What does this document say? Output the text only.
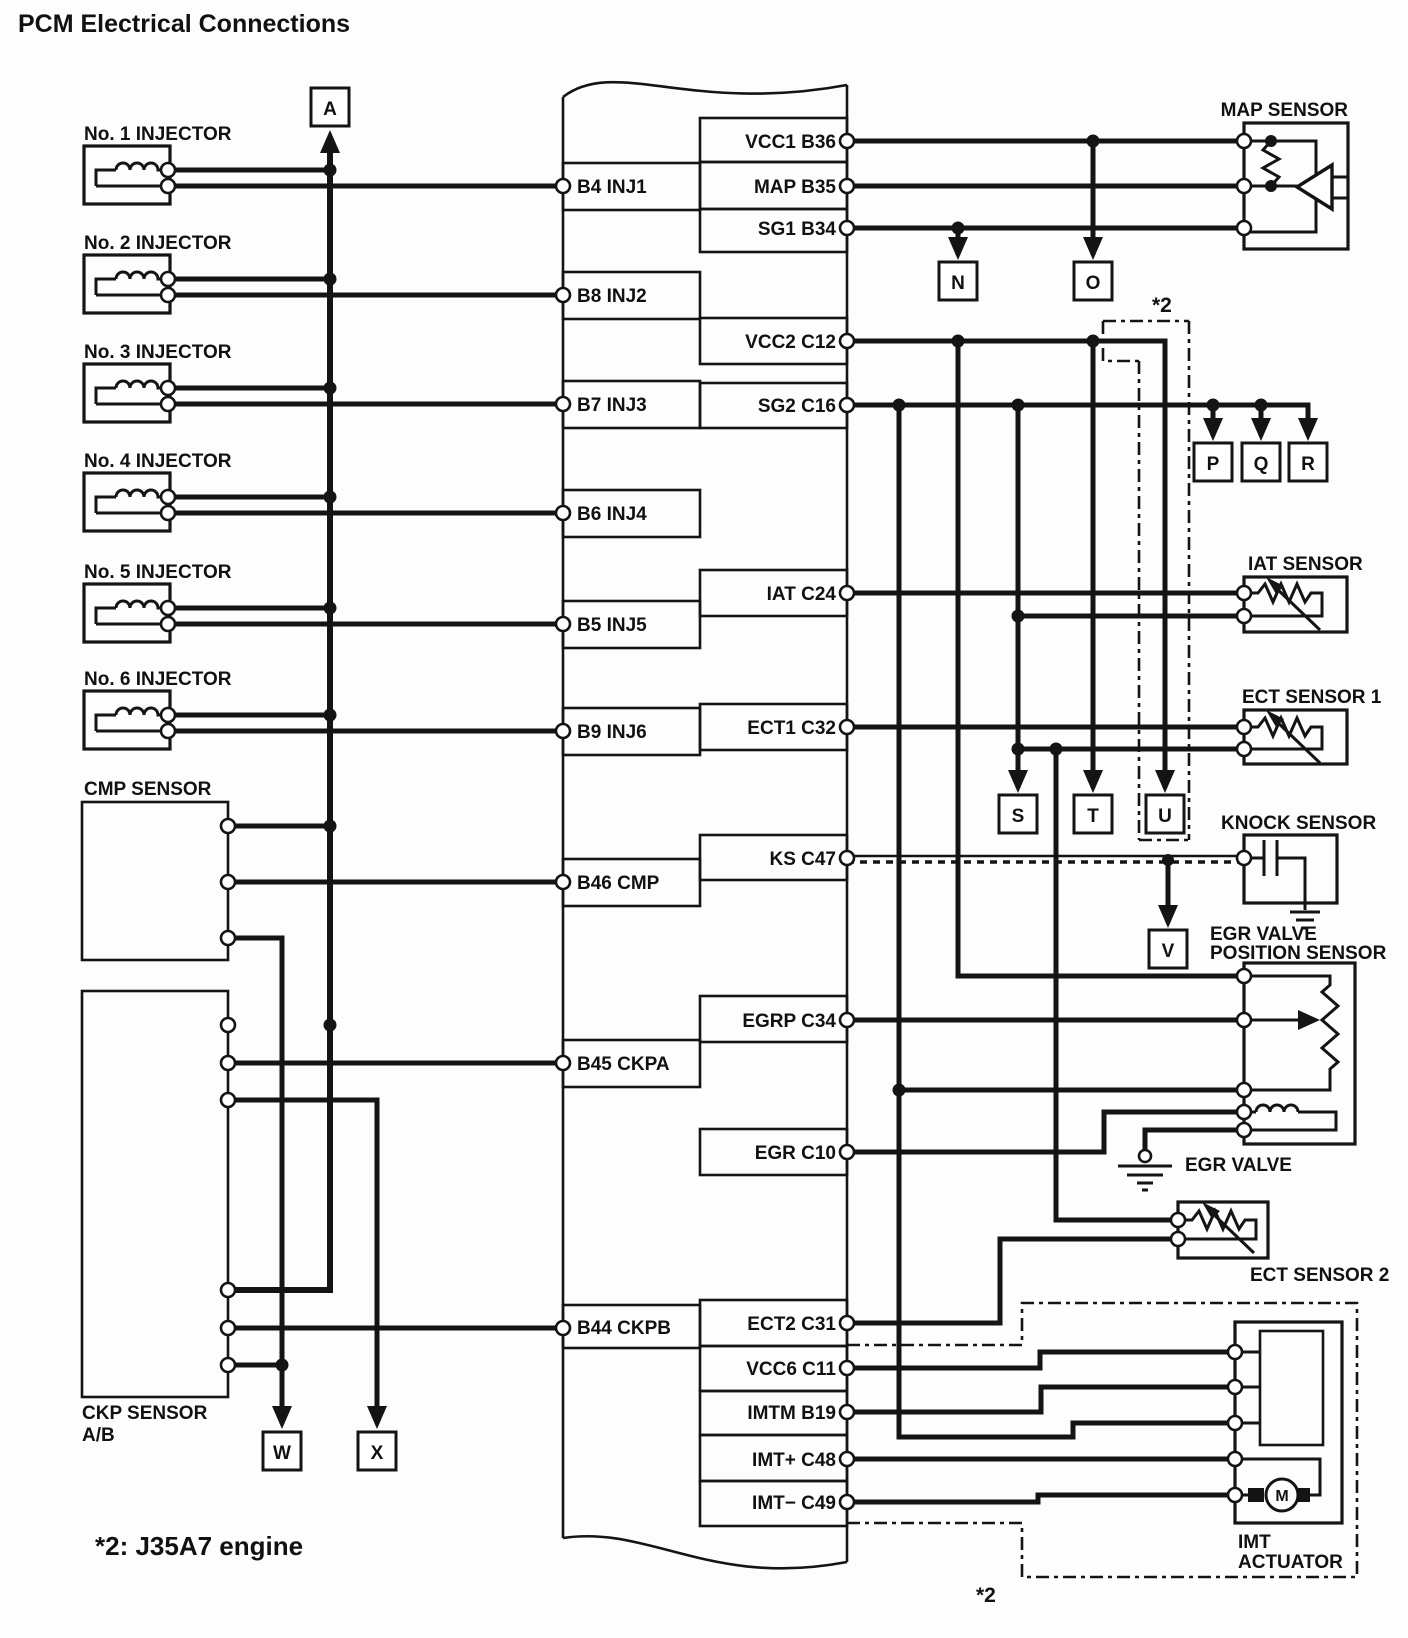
M
A
N	O
P Q R
S	T	U
V
W	X
PCM Electrical Connections
No. 1 INJECTOR
No. 2 INJECTOR
No. 3 INJECTOR
No. 4 INJECTOR
No. 5 INJECTOR
No. 6 INJECTOR
CMP SENSOR
CKP SENSOR
A/B
MAP SENSOR
IAT SENSOR
ECT SENSOR 1
KNOCK SENSOR
EGR VALVE
POSITION SENSOR
EGR VALVE
ECT SENSOR 2
IMT
ACTUATOR
*2
*2
*2: J35A7 engine
B4 INJ1
B8 INJ2
B7 INJ3
B6 INJ4
B5 INJ5
B9 INJ6
B46 CMP
B45 CKPA
B44 CKPB
VCC1 B36
MAP B35
SG1 B34
VCC2 C12
SG2 C16
IAT C24
ECT1 C32
KS C47
EGRP C34
EGR C10
ECT2 C31
VCC6 C11
IMTM B19
IMT+ C48
IMT− C49
